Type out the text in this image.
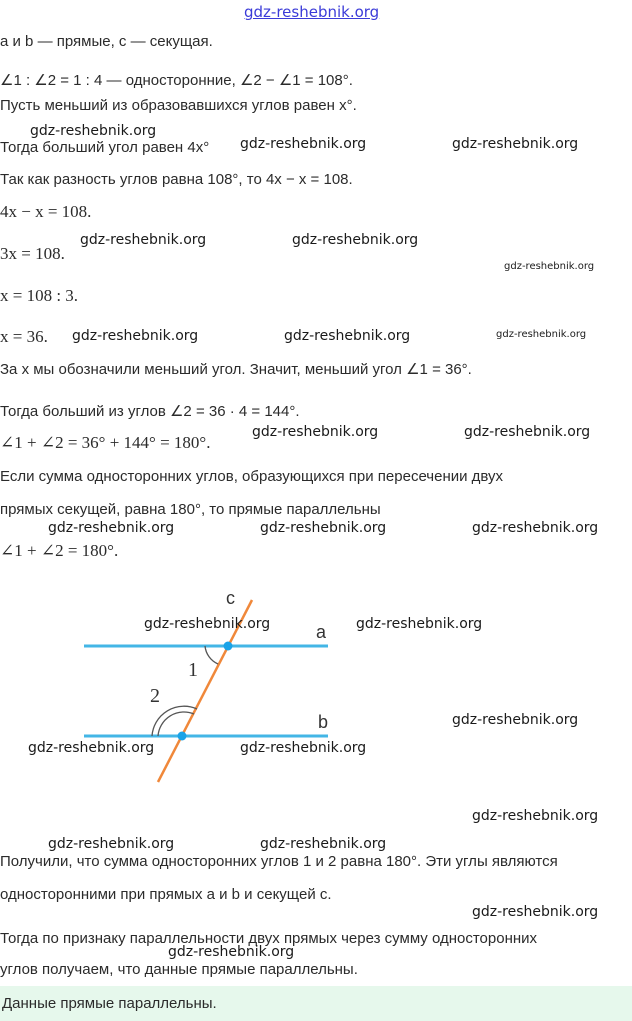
gdz-reshebnik.org
a и b — прямые, c — секущая.
∠1 : ∠2 = 1 : 4 — односторонние, ∠2 − ∠1 = 108°.
Пусть меньший из образовавшихся углов равен x°.
Тогда больший угол равен 4x°
Так как разность углов равна 108°, то 4x − x = 108.
4x − x = 108.
3x = 108.
x = 108 : 3.
x = 36.
За x мы обозначили меньший угол. Значит, меньший угол ∠1 = 36°.
Тогда больший из углов ∠2 = 36 · 4 = 144°.
∠1 + ∠2 = 36° + 144° = 180°.
Если сумма односторонних углов, образующихся при пересечении двух
прямых секущей, равна 180°, то прямые параллельны
∠1 + ∠2 = 180°.
c
a
b
1
2
Получили, что сумма односторонних углов 1 и 2 равна 180°. Эти углы являются
односторонними при прямых a и b и секущей c.
Тогда по признаку параллельности двух прямых через сумму односторонних
углов получаем, что данные прямые параллельны.
Данные прямые параллельны.
gdz-reshebnik.org
gdz-reshebnik.org	gdz-reshebnik.org
gdz-reshebnik.org	gdz-reshebnik.org
gdz-reshebnik.org
gdz-reshebnik.org	gdz-reshebnik.org	gdz-reshebnik.org
gdz-reshebnik.org	gdz-reshebnik.org
gdz-reshebnik.org	gdz-reshebnik.org	gdz-reshebnik.org
gdz-reshebnik.org	gdz-reshebnik.org
gdz-reshebnik.org
gdz-reshebnik.org	gdz-reshebnik.org
gdz-reshebnik.org
gdz-reshebnik.org	gdz-reshebnik.org
gdz-reshebnik.org
gdz-reshebnik.org
